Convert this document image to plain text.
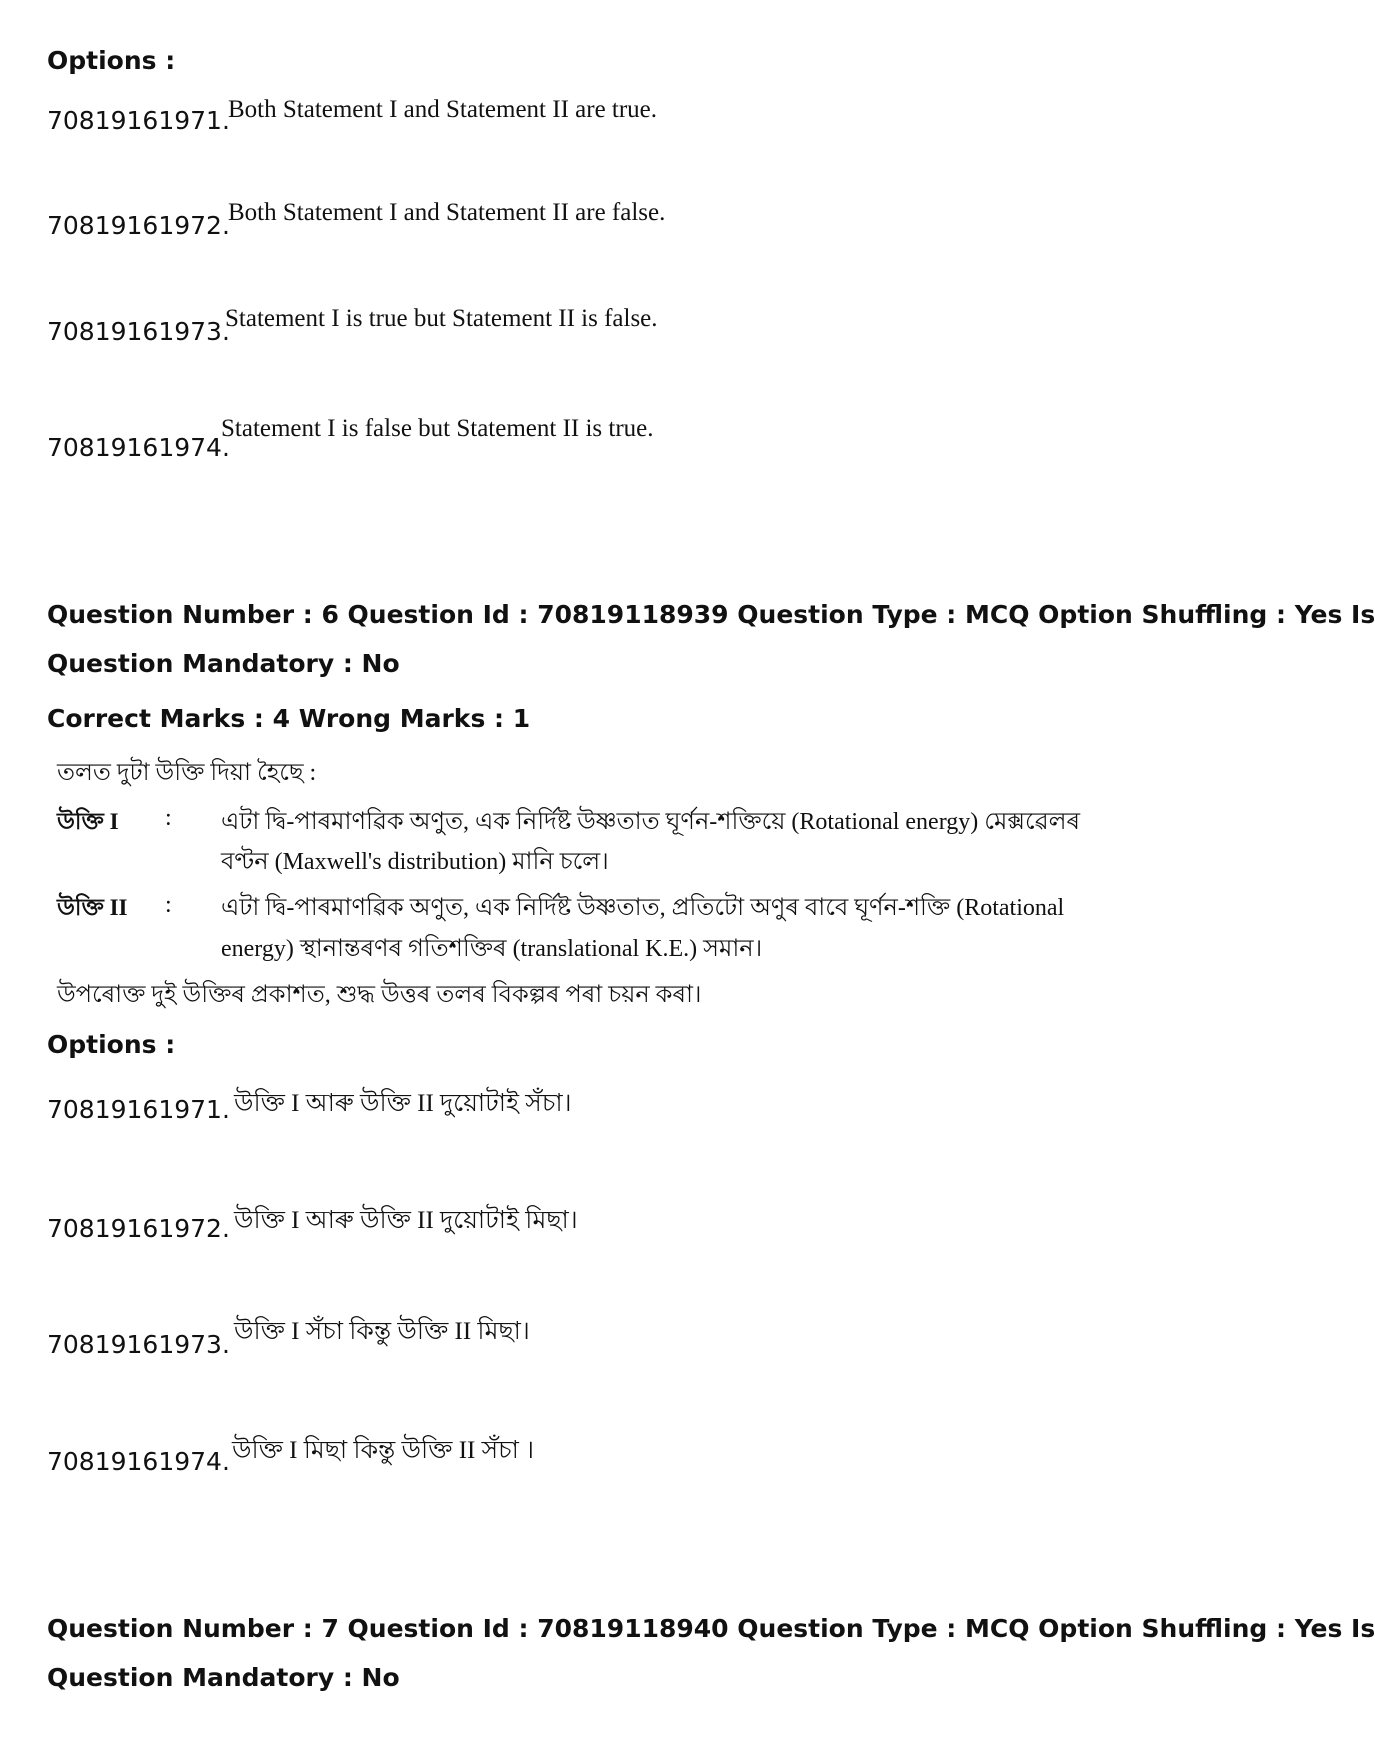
Options :
70819161971.
Both Statement I and Statement II are true.
70819161972.
Both Statement I and Statement II are false.
70819161973.
Statement I is true but Statement II is false.
70819161974.
Statement I is false but Statement II is true.
Question Number : 6 Question Id : 70819118939 Question Type : MCQ Option Shuffling : Yes Is
Question Mandatory : No
Correct Marks : 4 Wrong Marks : 1
তলত দুটা উক্তি দিয়া হৈছে :
উক্তি I : এটা দ্বি-পাৰমাণৱিক অণুত, এক নিৰ্দিষ্ট উষ্ণতাত ঘূৰ্ণন-শক্তিয়ে (Rotational energy) মেক্সৱেলৰ
বণ্টন (Maxwell's distribution) মানি চলে।
উক্তি II : এটা দ্বি-পাৰমাণৱিক অণুত, এক নিৰ্দিষ্ট উষ্ণতাত, প্ৰতিটো অণুৰ বাবে ঘূৰ্ণন-শক্তি (Rotational
energy) স্থানান্তৰণৰ গতিশক্তিৰ (translational K.E.) সমান।
উপৰোক্ত দুই উক্তিৰ প্ৰকাশত, শুদ্ধ উত্তৰ তলৰ বিকল্পৰ পৰা চয়ন কৰা।
Options :
70819161971. উক্তি I আৰু উক্তি II দুয়োটাই সঁচা।
70819161972. উক্তি I আৰু উক্তি II দুয়োটাই মিছা।
70819161973. উক্তি I সঁচা কিন্তু উক্তি II মিছা।
70819161974. উক্তি I মিছা কিন্তু উক্তি II সঁচা ।
Question Number : 7 Question Id : 70819118940 Question Type : MCQ Option Shuffling : Yes Is
Question Mandatory : No
